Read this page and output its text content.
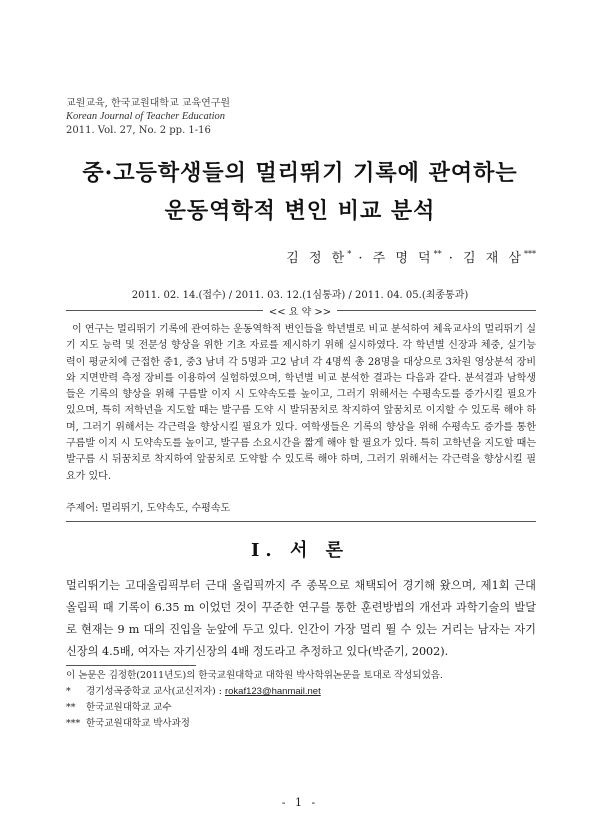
교원교육, 한국교원대학교 교육연구원
Korean Journal of Teacher Education
2011. Vol. 27, No. 2 pp. 1-16
중·고등학생들의 멀리뛰기 기록에 관여하는
운동역학적 변인 비교 분석
김 정 한* · 주 명 덕** · 김 재 삼***
2011. 02. 14.(접수) / 2011. 03. 12.(1심통과) / 2011. 04. 05.(최종통과)
<< 요 약 >>

이 연구는 멀리뛰기 기록에 관여하는 운동역학적 변인들을 학년별로 비교 분석하여 체육교사의 멀리뛰기 실기 지도 능력 및 전문성 향상을 위한 기초 자료를 제시하기 위해 실시하였다. 각 학년별 신장과 체중, 실기능력이 평균치에 근접한 중1, 중3 남녀 각 5명과 고2 남녀 각 4명씩 총 28명을 대상으로 3차원 영상분석 장비와 지면반력 측정 장비를 이용하여 실험하였으며, 학년별 비교 분석한 결과는 다음과 같다. 분석결과 남학생들은 기록의 향상을 위해 구름발 이지 시 도약속도를 높이고, 그러기 위해서는 수평속도를 증가시킬 필요가 있으며, 특히 저학년을 지도할 때는 발구름 도약 시 발뒤꿈치로 착지하여 앞꿈치로 이지할 수 있도록 해야 하며, 그러기 위해서는 각근력을 향상시킬 필요가 있다. 여학생들은 기록의 향상을 위해 수평속도 증가를 통한 구름발 이지 시 도약속도를 높이고, 발구름 소요시간을 짧게 해야 할 필요가 있다. 특히 고학년을 지도할 때는 발구름 시 뒤꿈치로 착지하여 앞꿈치로 도약할 수 있도록 해야 하며, 그러기 위해서는 각근력을 향상시킬 필요가 있다.

주제어: 멀리뛰기, 도약속도, 수평속도
Ⅰ. 서 론

멀리뛰기는 고대올림픽부터 근대 올림픽까지 주 종목으로 채택되어 경기해 왔으며, 제1회 근대 올림픽 때 기록이 6.35 m 이었던 것이 꾸준한 연구를 통한 훈련방법의 개선과 과학기술의 발달로 현재는 9 m 대의 진입을 눈앞에 두고 있다. 인간이 가장 멀리 뛸 수 있는 거리는 남자는 자기신장의 4.5배, 여자는 자기신장의 4배 정도라고 추정하고 있다(박준기, 2002).

이 논문은 김정한(2011년도)의 한국교원대학교 대학원 박사학위논문을 토대로 작성되었음.
* 경기성곡중학교 교사(교신저자) : rokaf123@hanmail.net
** 한국교원대학교 교수
*** 한국교원대학교 박사과정
- 1 -
